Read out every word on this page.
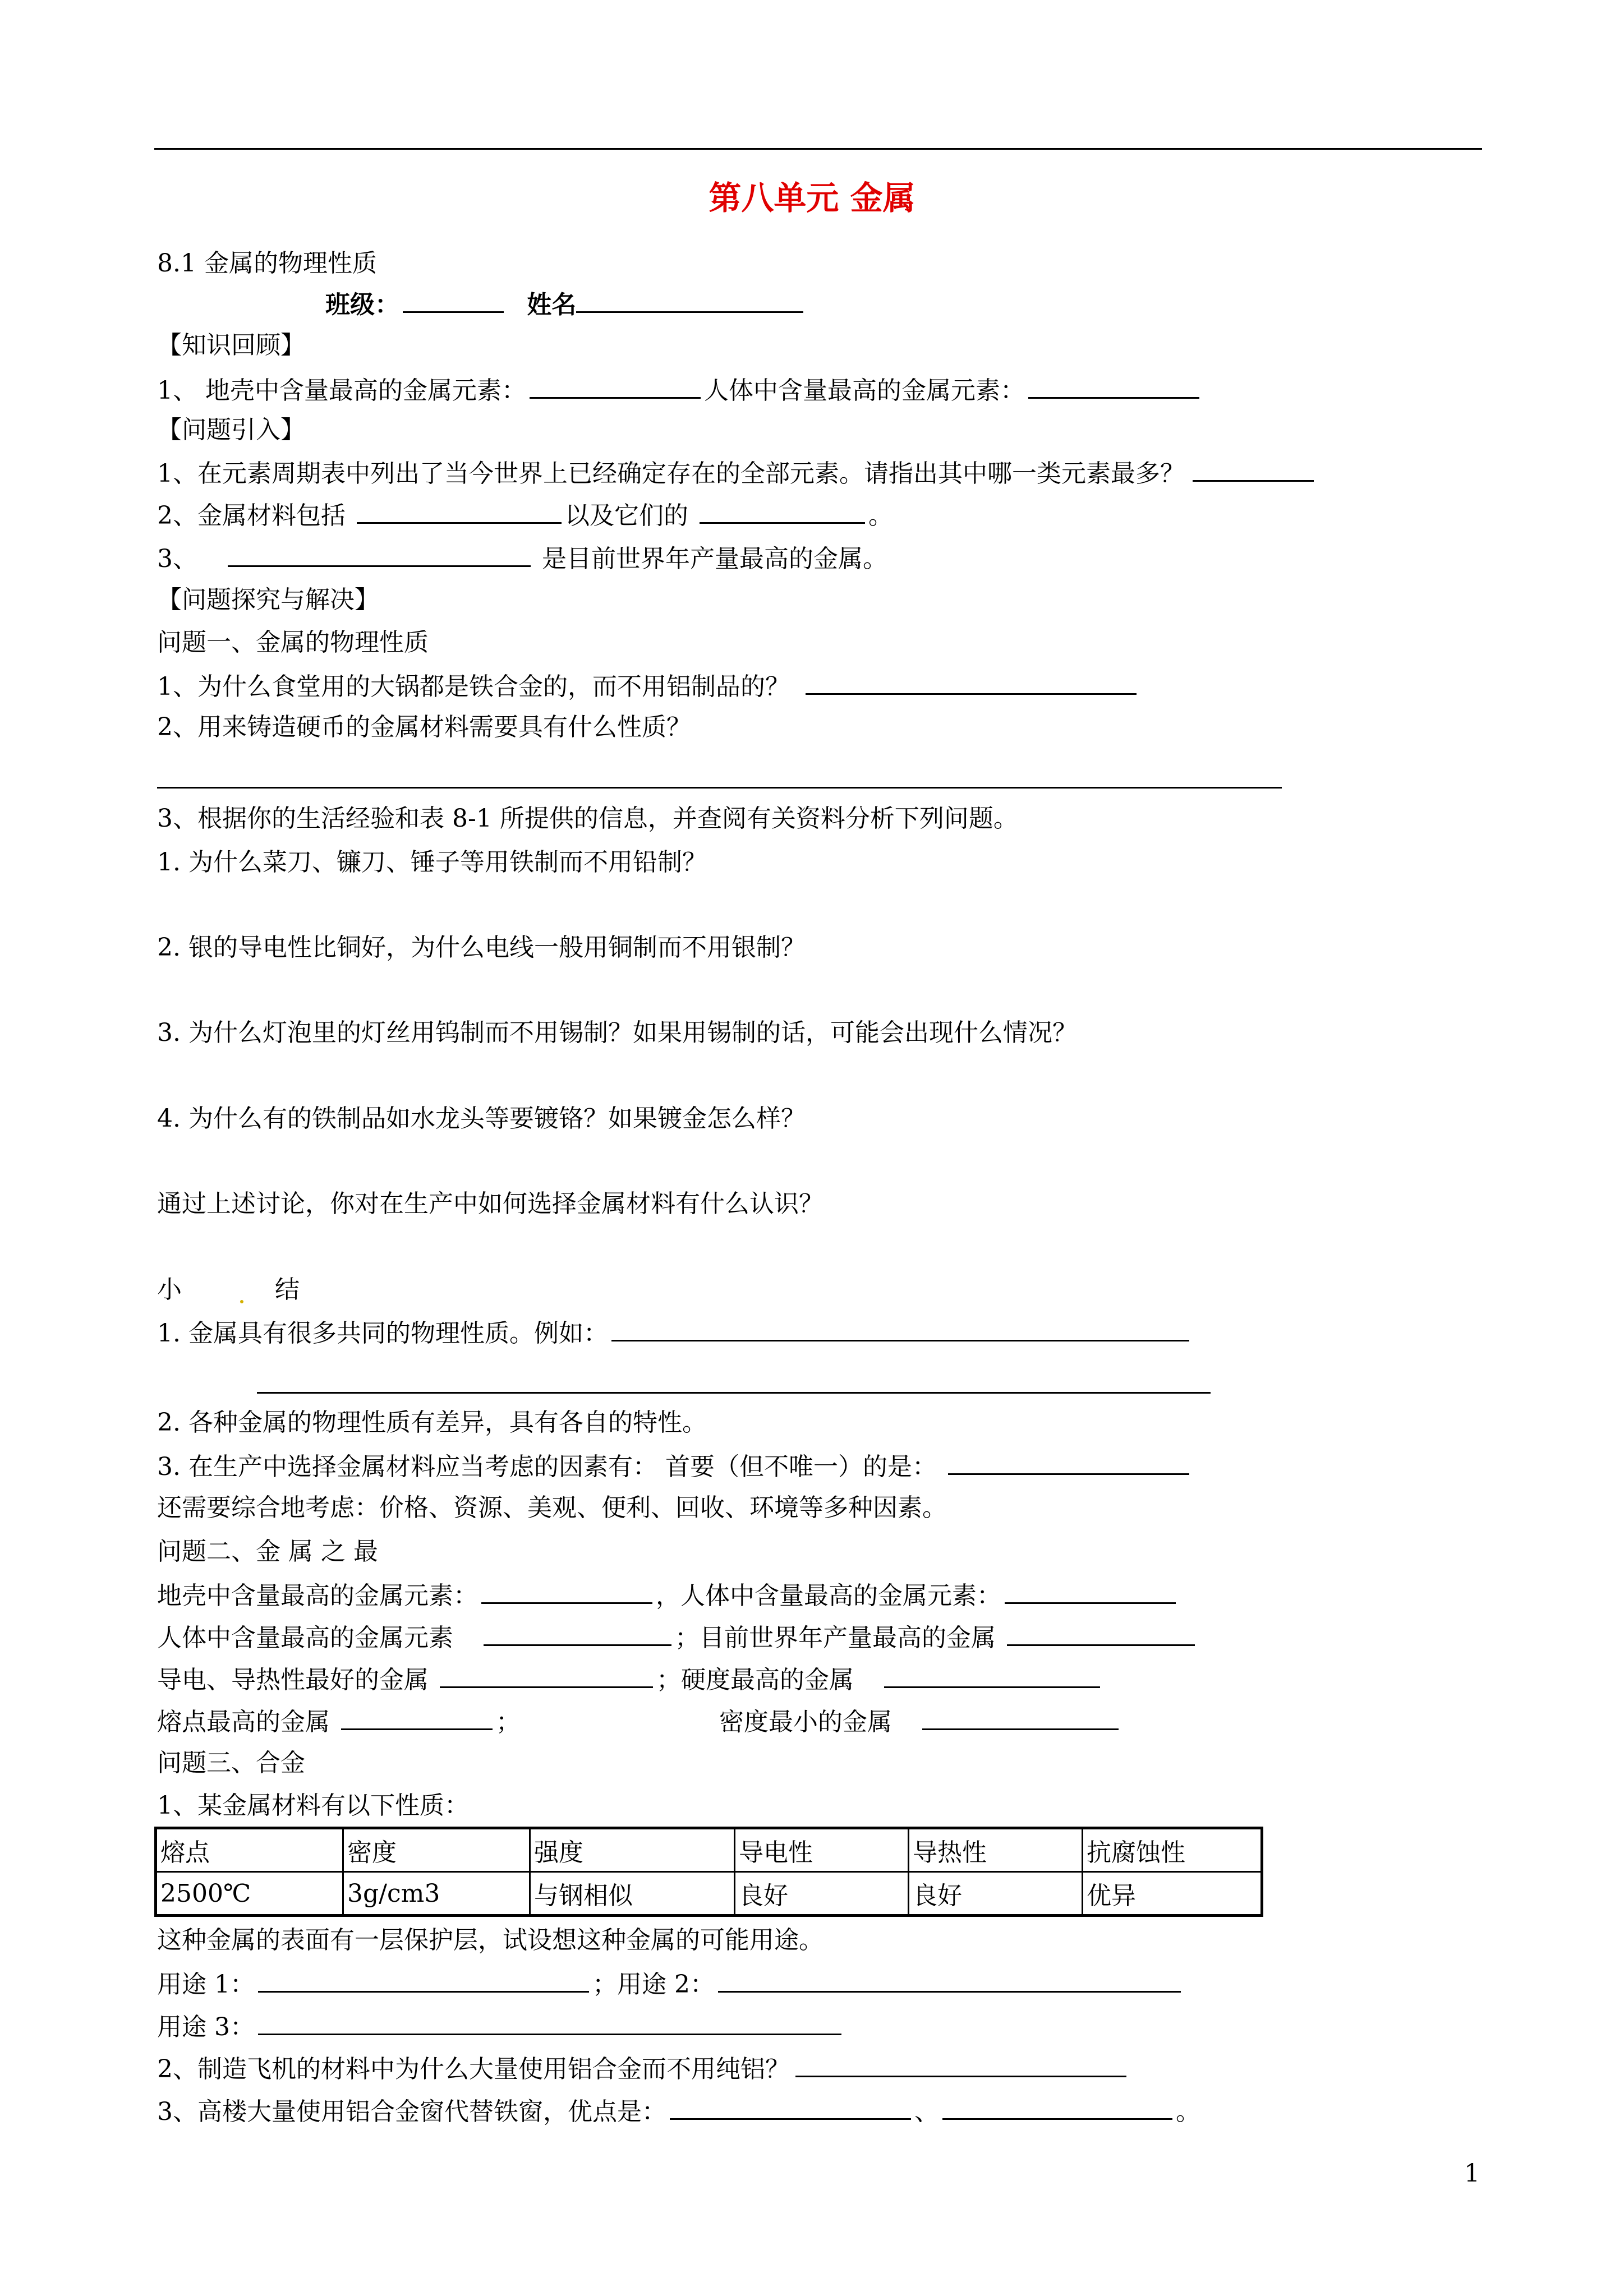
第八单元 金属
8.1 金属的物理性质
班级：	姓名
【知识回顾】
1、 地壳中含量最高的金属元素：	人体中含量最高的金属元素：
【问题引入】
1、在元素周期表中列出了当今世界上已经确定存在的全部元素。请指出其中哪一类元素最多？
2、金属材料包括	以及它们的	。
3、	是目前世界年产量最高的金属。
【问题探究与解决】
问题一、金属的物理性质
1、为什么食堂用的大锅都是铁合金的，而不用铝制品的？
2、用来铸造硬币的金属材料需要具有什么性质？
3、根据你的生活经验和表 8-1 所提供的信息，并查阅有关资料分析下列问题。
1. 为什么菜刀、镰刀、锤子等用铁制而不用铅制？
2. 银的导电性比铜好，为什么电线一般用铜制而不用银制？
3. 为什么灯泡里的灯丝用钨制而不用锡制？如果用锡制的话，可能会出现什么情况？
4. 为什么有的铁制品如水龙头等要镀铬？如果镀金怎么样？
通过上述讨论，你对在生产中如何选择金属材料有什么认识？
小	结
1. 金属具有很多共同的物理性质。例如：
2. 各种金属的物理性质有差异，具有各自的特性。
3. 在生产中选择金属材料应当考虑的因素有： 首要（但不唯一）的是：
还需要综合地考虑：价格、资源、美观、便利、回收、环境等多种因素。
问题二、金 属 之 最
地壳中含量最高的金属元素：	，人体中含量最高的金属元素：
人体中含量最高的金属元素	；目前世界年产量最高的金属
导电、导热性最好的金属	；硬度最高的金属
熔点最高的金属	；	密度最小的金属
问题三、合金
1、某金属材料有以下性质：
熔点	密度	强度	导电性	导热性	抗腐蚀性
2500℃	3g/cm3	与钢相似	良好	良好	优异
这种金属的表面有一层保护层，试设想这种金属的可能用途。
用途 1：	；用途 2：
用途 3：
2、制造飞机的材料中为什么大量使用铝合金而不用纯铝？
3、高楼大量使用铝合金窗代替铁窗，优点是：	、	。
1
